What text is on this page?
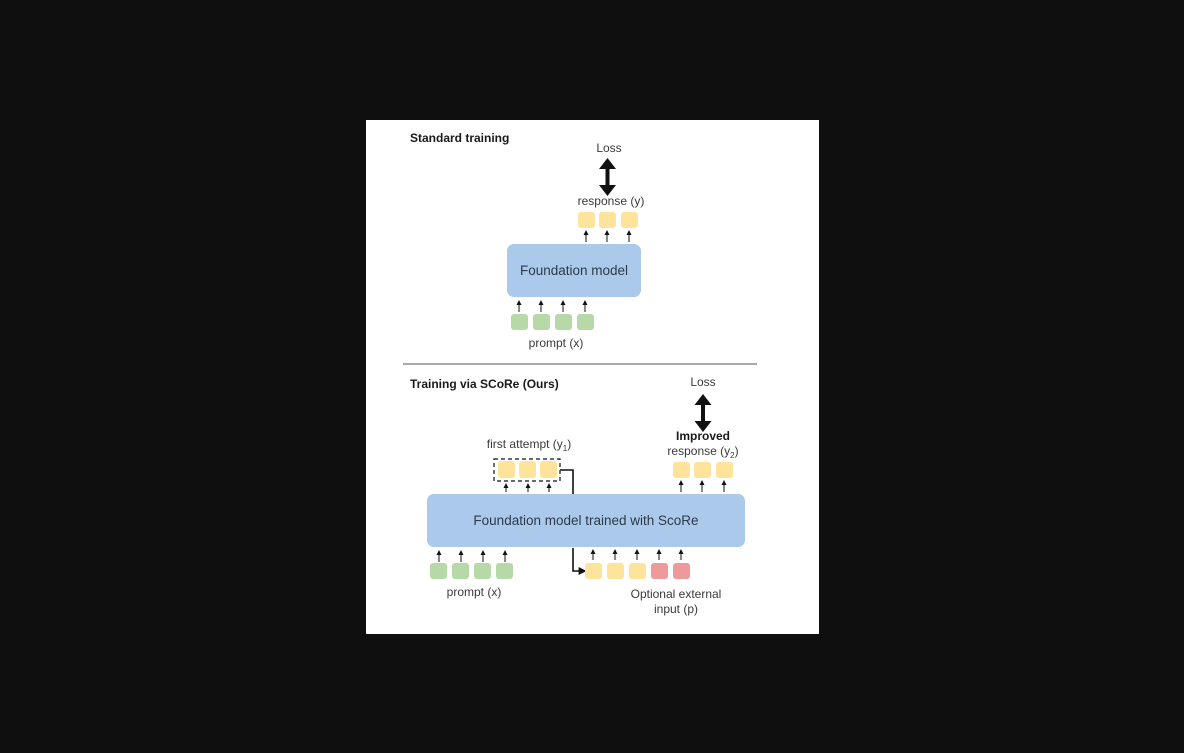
Standard training
Loss
response (y)
Foundation model
prompt (x)
Training via SCoRe (Ours)	Loss
Improved
response $(y_2)$
first attempt $(y_1)$
Foundation model trained with ScoRe
prompt (x)	Optional external
input (p)
